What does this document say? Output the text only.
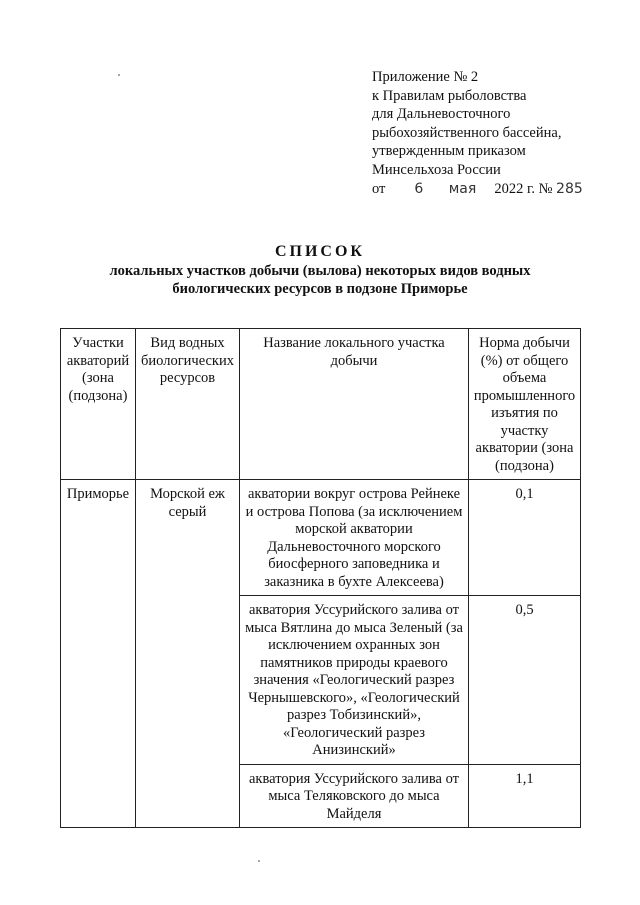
Приложение № 2
к Правилам рыболовства
для Дальневосточного
рыбохозяйственного бассейна,
утвержденным приказом
Минсельхоза России
от 6 мая 2022 г. № 285
СПИСОК
локальных участков добычи (вылова) некоторых видов водных
биологических ресурсов в подзоне Приморье
Участки акваторий (зона (подзона)	Вид водных биологических ресурсов	Название локального участка добычи	Норма добычи (%) от общего объема промышленного изъятия по участку акватории (зона (подзона)
Приморье	Морской еж серый	акватории вокруг острова Рейнеке и острова Попова (за исключением морской акватории Дальневосточного морского биосферного заповедника и заказника в бухте Алексеева)	0,1
		акватория Уссурийского залива от мыса Вятлина до мыса Зеленый (за исключением охранных зон памятников природы краевого значения «Геологический разрез Чернышевского», «Геологический разрез Тобизинский», «Геологический разрез Анизинский»	0,5
		акватория Уссурийского залива от мыса Теляковского до мыса Майделя	1,1
